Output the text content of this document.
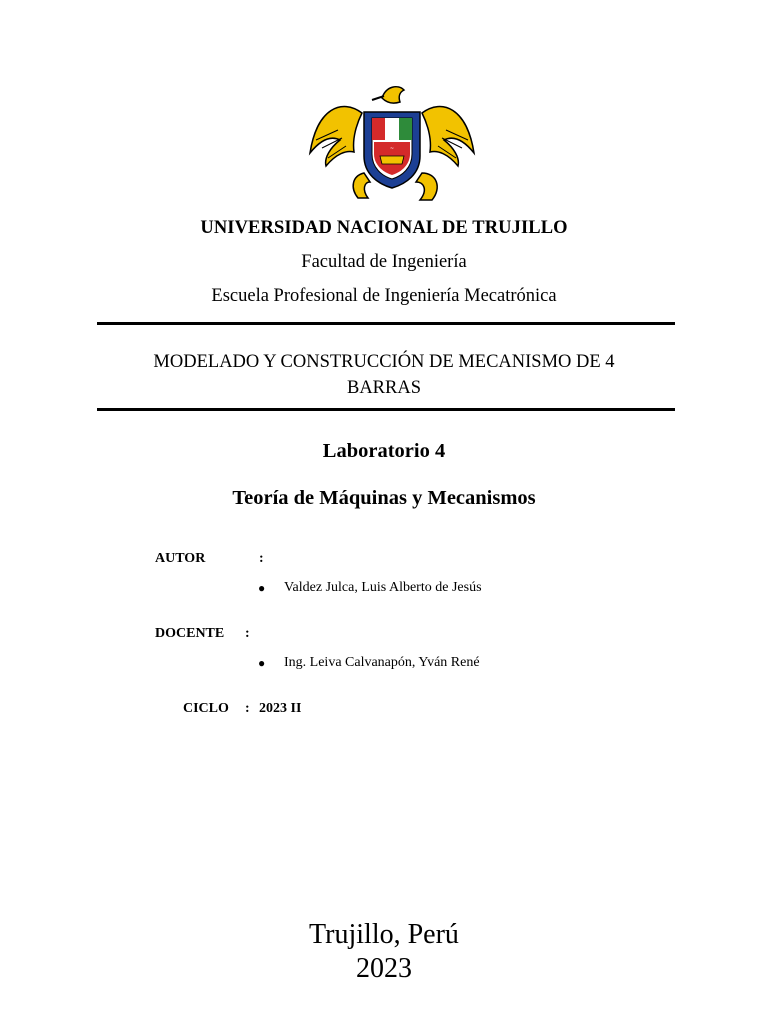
~
UNIVERSIDAD NACIONAL DE TRUJILLO
Facultad de Ingeniería
Escuela Profesional de Ingeniería Mecatrónica
MODELADO Y CONSTRUCCIÓN DE MECANISMO DE 4
BARRAS
Laboratorio 4
Teoría de Máquinas y Mecanismos
AUTOR	:
● Valdez Julca, Luis Alberto de Jesús
DOCENTE :
● Ing. Leiva Calvanapón, Yván René
CICLO : 2023 II
Trujillo, Perú
2023
